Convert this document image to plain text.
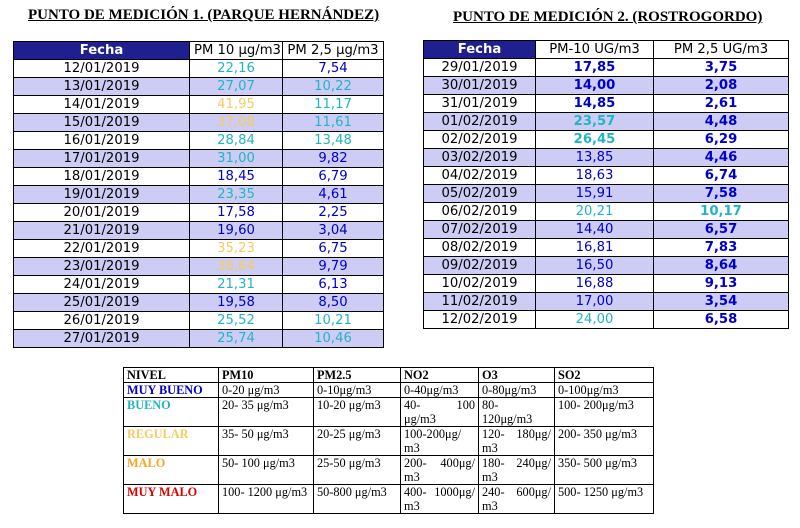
PUNTO DE MEDICIÓN 1. (PARQUE HERNÁNDEZ)	PUNTO DE MEDICIÓN 2. (ROSTROGORDO)
Fecha	PM 10 μg/m3	PM 2,5 μg/m3
12/01/2019	22,16	7,54
13/01/2019	27,07	10,22
14/01/2019	41,95	11,17
15/01/2019	37,08	11,61
16/01/2019	28,84	13,48
17/01/2019	31,00	9,82
18/01/2019	18,45	6,79
19/01/2019	23,35	4,61
20/01/2019	17,58	2,25
21/01/2019	19,60	3,04
22/01/2019	35,23	6,75
23/01/2019	38,64	9,79
24/01/2019	21,31	6,13
25/01/2019	19,58	8,50
26/01/2019	25,52	10,21
27/01/2019	25,74	10,46
Fecha	PM-10 UG/m3	PM 2,5 UG/m3
29/01/2019	17,85	3,75
30/01/2019	14,00	2,08
31/01/2019	14,85	2,61
01/02/2019	23,57	4,48
02/02/2019	26,45	6,29
03/02/2019	13,85	4,46
04/02/2019	18,63	6,74
05/02/2019	15,91	7,58
06/02/2019	20,21	10,17
07/02/2019	14,40	6,57
08/02/2019	16,81	7,83
09/02/2019	16,50	8,64
10/02/2019	16,88	9,13
11/02/2019	17,00	3,54
12/02/2019	24,00	6,58
NIVEL	PM10	PM2.5	NO2	O3	SO2
MUY BUENO	0-20 μg/m3	0-10μg/m3	0-40μg/m3	0-80μg/m3	0-100μg/m3
BUENO	20- 35 μg/m3	10-20 μg/m3	40- 100 μg/m3	80- 120μg/m3	100- 200μg/m3
REGULAR	35- 50 μg/m3	20-25 μg/m3	100-200μg/ m3	120- 180μg/ m3	200- 350 μg/m3
MALO	50- 100 μg/m3	25-50 μg/m3	200- 400μg/ m3	180- 240μg/ m3	350- 500 μg/m3
MUY MALO	100- 1200 μg/m3	50-800 μg/m3	400- 1000μg/ m3	240- 600μg/ m3	500- 1250 μg/m3
